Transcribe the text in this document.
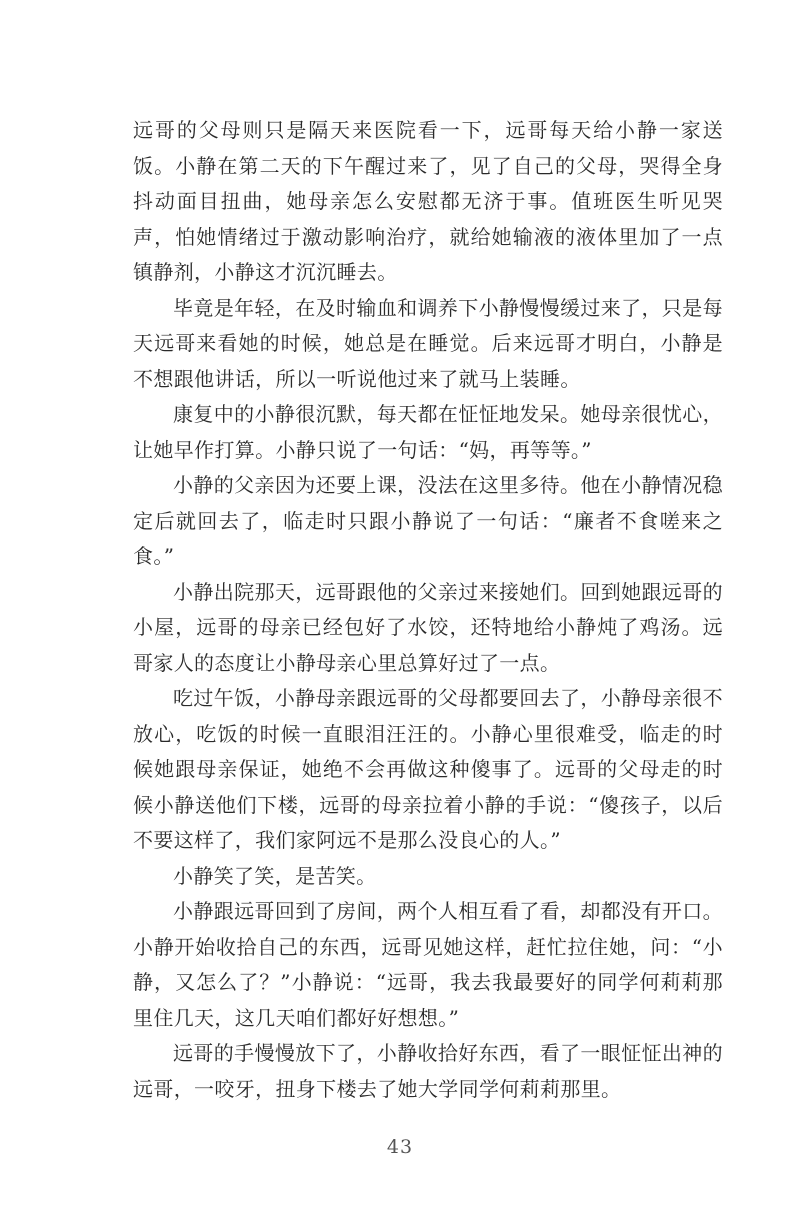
远哥的父母则只是隔天来医院看一下，远哥每天给小静一家送饭。小静在第二天的下午醒过来了，见了自己的父母，哭得全身抖动面目扭曲，她母亲怎么安慰都无济于事。值班医生听见哭声，怕她情绪过于激动影响治疗，就给她输液的液体里加了一点镇静剂，小静这才沉沉睡去。

毕竟是年轻，在及时输血和调养下小静慢慢缓过来了，只是每天远哥来看她的时候，她总是在睡觉。后来远哥才明白，小静是不想跟他讲话，所以一听说他过来了就马上装睡。

康复中的小静很沉默，每天都在怔怔地发呆。她母亲很忧心，让她早作打算。小静只说了一句话：“妈，再等等。”

小静的父亲因为还要上课，没法在这里多待。他在小静情况稳定后就回去了，临走时只跟小静说了一句话：“廉者不食嗟来之食。”

小静出院那天，远哥跟他的父亲过来接她们。回到她跟远哥的小屋，远哥的母亲已经包好了水饺，还特地给小静炖了鸡汤。远哥家人的态度让小静母亲心里总算好过了一点。

吃过午饭，小静母亲跟远哥的父母都要回去了，小静母亲很不放心，吃饭的时候一直眼泪汪汪的。小静心里很难受，临走的时候她跟母亲保证，她绝不会再做这种傻事了。远哥的父母走的时候小静送他们下楼，远哥的母亲拉着小静的手说：“傻孩子，以后不要这样了，我们家阿远不是那么没良心的人。”

小静笑了笑，是苦笑。

小静跟远哥回到了房间，两个人相互看了看，却都没有开口。小静开始收拾自己的东西，远哥见她这样，赶忙拉住她，问：“小静，又怎么了？”小静说：“远哥，我去我最要好的同学何莉莉那里住几天，这几天咱们都好好想想。”

远哥的手慢慢放下了，小静收拾好东西，看了一眼怔怔出神的远哥，一咬牙，扭身下楼去了她大学同学何莉莉那里。

43
